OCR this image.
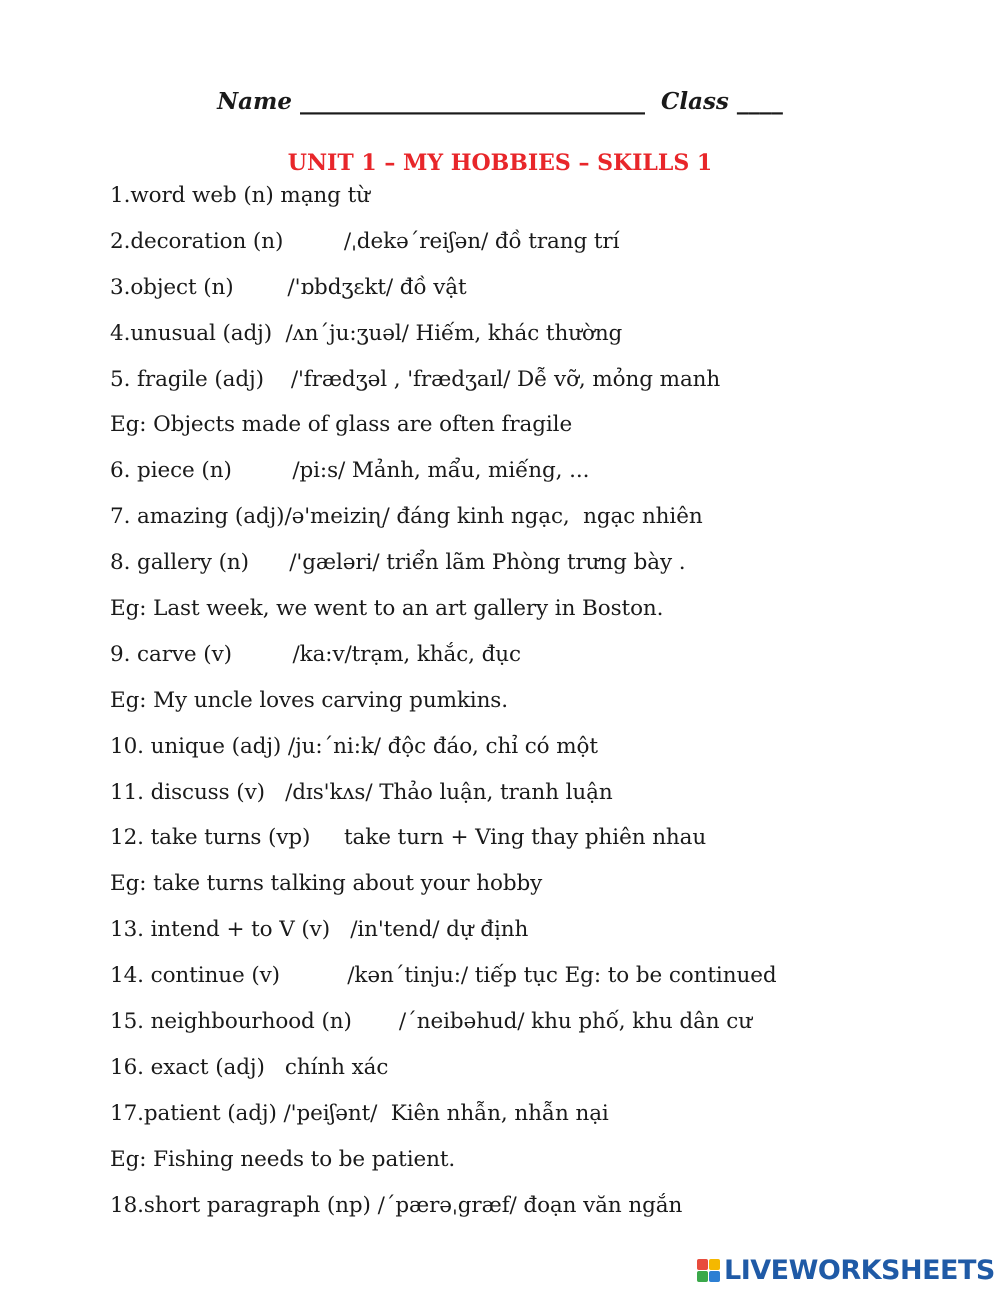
Name ______________________________  Class ____
UNIT 1 – MY HOBBIES – SKILLS 1
1.word web (n) mạng từ
2.decoration (n)         /ˌdekə´reiʃən/ đồ trang trí
3.object (n)        /'ɒbdʒɛkt/ đồ vật
4.unusual (adj)  /ʌn´ju:ʒuəl/ Hiếm, khác thường
5. fragile (adj)    /'frædʒəl , 'frædʒaɪl/ Dễ vỡ, mỏng manh
Eg: Objects made of glass are often fragile
6. piece (n)         /pi:s/ Mảnh, mẩu, miếng, ...
7. amazing (adj)/ə'meiziɳ/ đáng kinh ngạc,  ngạc nhiên
8. gallery (n)      /'gæləri/ triển lãm Phòng trưng bày .
Eg: Last week, we went to an art gallery in Boston.
9. carve (v)         /ka:v/trạm, khắc, đục
Eg: My uncle loves carving pumkins.
10. unique (adj) /ju:´ni:k/ độc đáo, chỉ có một
11. discuss (v)   /dɪs'kʌs/ Thảo luận, tranh luận
12. take turns (vp)     take turn + Ving thay phiên nhau
Eg: take turns talking about your hobby
13. intend + to V (v)   /in'tend/ dự định
14. continue (v)          /kən´tinju:/ tiếp tục Eg: to be continued
15. neighbourhood (n)       /´neibəhud/ khu phố, khu dân cư
16. exact (adj)   chính xác
17.patient (adj) /'peiʃənt/  Kiên nhẫn, nhẫn nại
Eg: Fishing needs to be patient.
18.short paragraph (np) /´pærəˌgræf/ đoạn văn ngắn
LIVEWORKSHEETS
